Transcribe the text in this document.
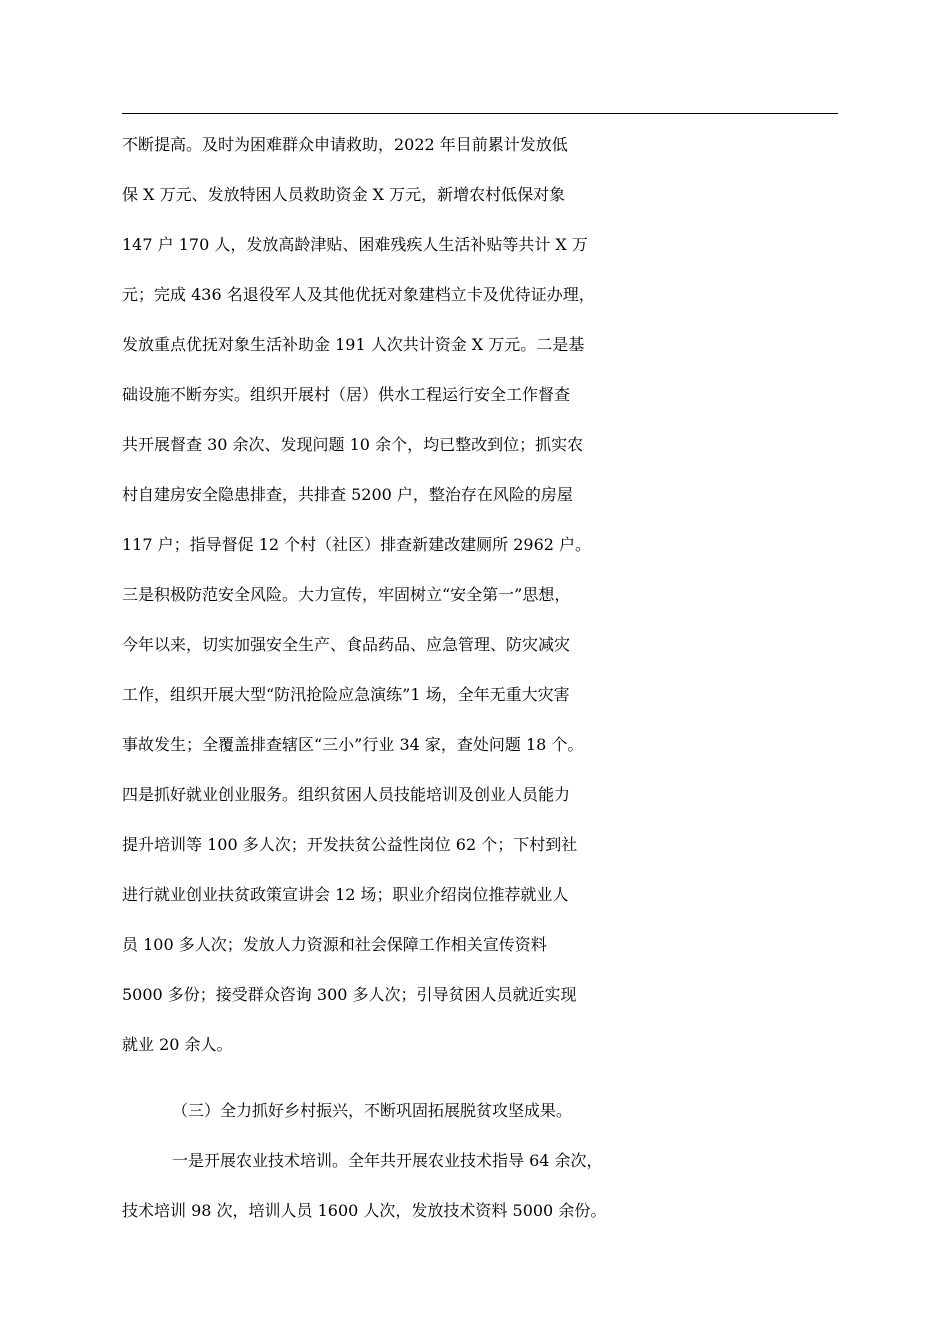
不断提高。及时为困难群众申请救助，2022 年目前累计发放低
保 X 万元、发放特困人员救助资金 X 万元，新增农村低保对象
147 户 170 人，发放高龄津贴、困难残疾人生活补贴等共计 X 万
元；完成 436 名退役军人及其他优抚对象建档立卡及优待证办理，
发放重点优抚对象生活补助金 191 人次共计资金 X 万元。二是基
础设施不断夯实。组织开展村（居）供水工程运行安全工作督查
共开展督查 30 余次、发现问题 10 余个，均已整改到位；抓实农
村自建房安全隐患排查，共排查 5200 户，整治存在风险的房屋
117 户；指导督促 12 个村（社区）排查新建改建厕所 2962 户。
三是积极防范安全风险。大力宣传，牢固树立“安全第一”思想，
今年以来，切实加强安全生产、食品药品、应急管理、防灾减灾
工作，组织开展大型“防汛抢险应急演练”1 场，全年无重大灾害
事故发生；全覆盖排查辖区“三小”行业 34 家，查处问题 18 个。
四是抓好就业创业服务。组织贫困人员技能培训及创业人员能力
提升培训等 100 多人次；开发扶贫公益性岗位 62 个；下村到社
进行就业创业扶贫政策宣讲会 12 场；职业介绍岗位推荐就业人
员 100 多人次；发放人力资源和社会保障工作相关宣传资料
5000 多份；接受群众咨询 300 多人次；引导贫困人员就近实现
就业 20 余人。
（三）全力抓好乡村振兴，不断巩固拓展脱贫攻坚成果。
一是开展农业技术培训。全年共开展农业技术指导 64 余次，
技术培训 98 次，培训人员 1600 人次，发放技术资料 5000 余份。
